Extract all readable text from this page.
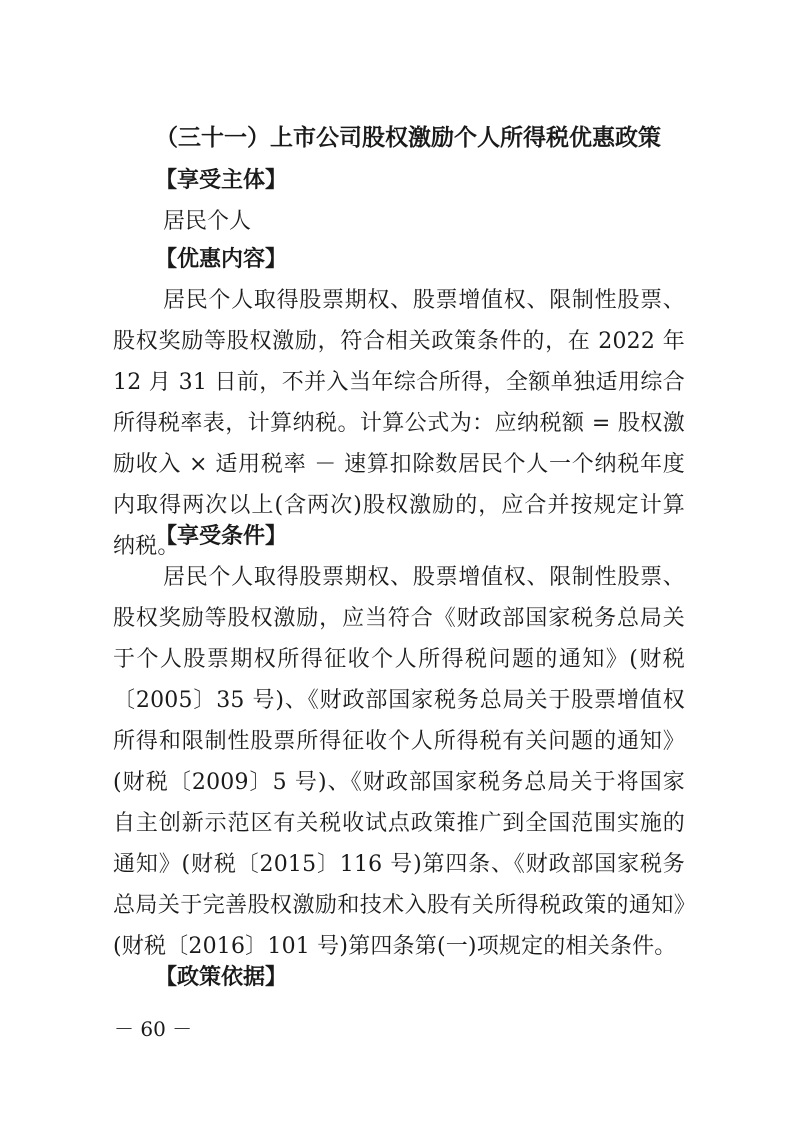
（三十一）上市公司股权激励个人所得税优惠政策
【享受主体】
居民个人
【优惠内容】
居民个人取得股票期权、股票增值权、限制性股票、股权奖励等股权激励，符合相关政策条件的，在 2022 年 12 月 31 日前，不并入当年综合所得，全额单独适用综合所得税率表，计算纳税。计算公式为：应纳税额 = 股权激励收入 × 适用税率 － 速算扣除数居民个人一个纳税年度内取得两次以上(含两次)股权激励的，应合并按规定计算纳税。
【享受条件】
居民个人取得股票期权、股票增值权、限制性股票、股权奖励等股权激励，应当符合《财政部国家税务总局关于个人股票期权所得征收个人所得税问题的通知》(财税〔2005〕35 号)、《财政部国家税务总局关于股票增值权所得和限制性股票所得征收个人所得税有关问题的通知》(财税〔2009〕5 号)、《财政部国家税务总局关于将国家自主创新示范区有关税收试点政策推广到全国范围实施的通知》(财税〔2015〕116 号)第四条、《财政部国家税务总局关于完善股权激励和技术入股有关所得税政策的通知》(财税〔2016〕101 号)第四条第(一)项规定的相关条件。
【政策依据】
－ 60 －
